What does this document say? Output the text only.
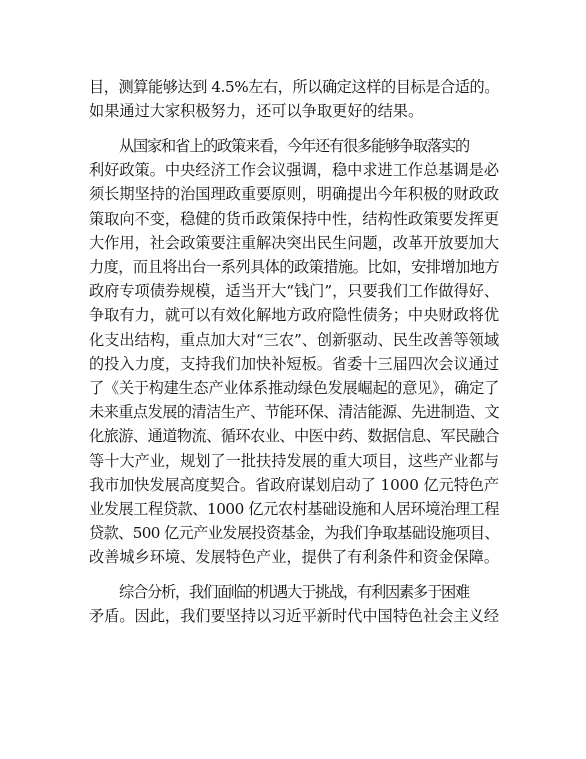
目，测算能够达到 4.5%左右，所以确定这样的目标是合适的。
如果通过大家积极努力，还可以争取更好的结果。

从国家和省上的政策来看，今年还有很多能够争取落实的
利好政策。中央经济工作会议强调，稳中求进工作总基调是必
须长期坚持的治国理政重要原则，明确提出今年积极的财政政
策取向不变，稳健的货币政策保持中性，结构性政策要发挥更
大作用，社会政策要注重解决突出民生问题，改革开放要加大
力度，而且将出台一系列具体的政策措施。比如，安排增加地方
政府专项债券规模，适当开大“钱门”，只要我们工作做得好、
争取有力，就可以有效化解地方政府隐性债务；中央财政将优
化支出结构，重点加大对“三农”、创新驱动、民生改善等领域
的投入力度，支持我们加快补短板。省委十三届四次会议通过
了《关于构建生态产业体系推动绿色发展崛起的意见》，确定了
未来重点发展的清洁生产、节能环保、清洁能源、先进制造、文
化旅游、通道物流、循环农业、中医中药、数据信息、军民融合
等十大产业，规划了一批扶持发展的重大项目，这些产业都与
我市加快发展高度契合。省政府谋划启动了 1000 亿元特色产
业发展工程贷款、1000 亿元农村基础设施和人居环境治理工程
贷款、500 亿元产业发展投资基金，为我们争取基础设施项目、
改善城乡环境、发展特色产业，提供了有利条件和资金保障。

综合分析，我们面临的机遇大于挑战，有利因素多于困难
矛盾。因此，我们要坚持以习近平新时代中国特色社会主义经
